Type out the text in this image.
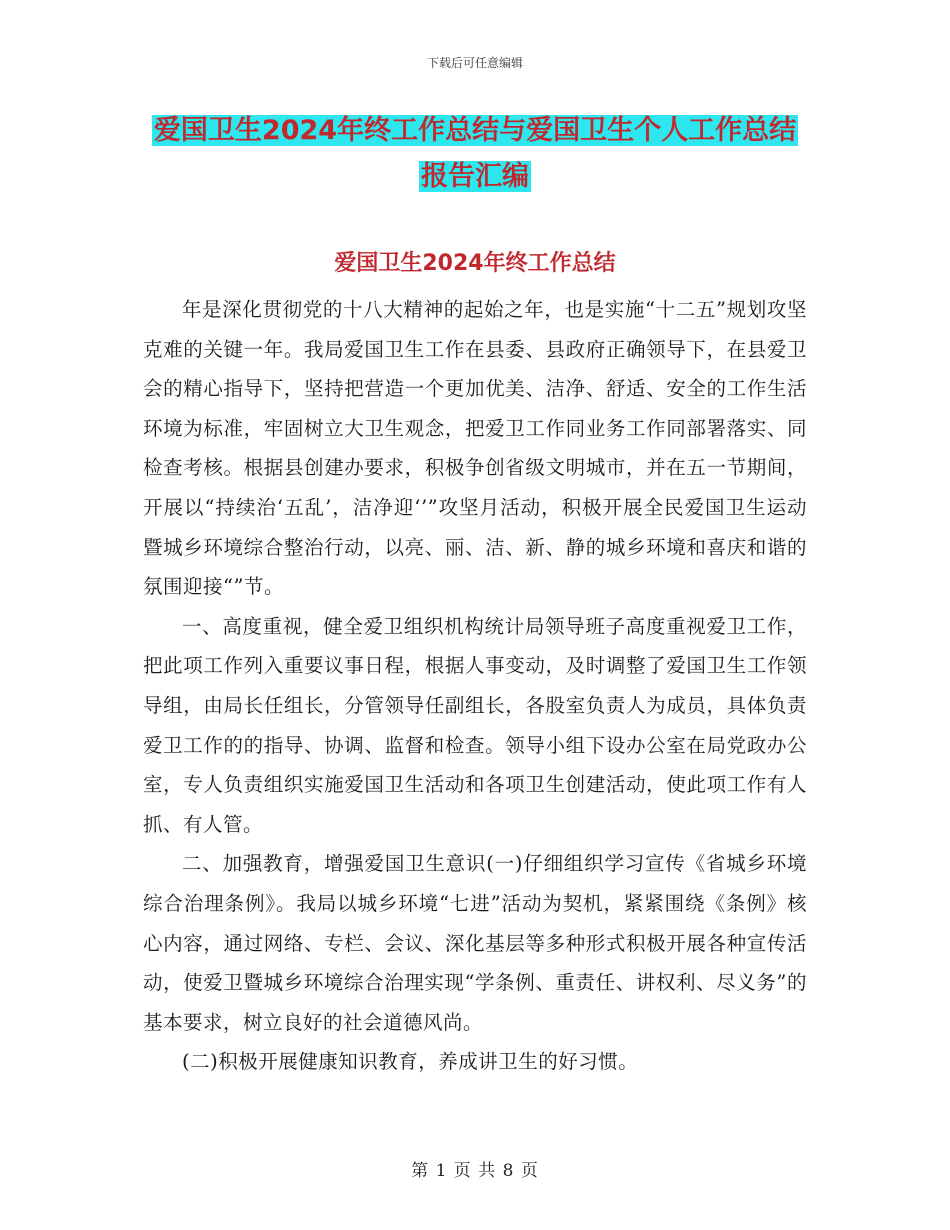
下载后可任意编辑
爱国卫生2024年终工作总结与爱国卫生个人工作总结
报告汇编
爱国卫生2024年终工作总结

年是深化贯彻党的十八大精神的起始之年，也是实施“十二五”规划攻坚克难的关键一年。我局爱国卫生工作在县委、县政府正确领导下，在县爱卫会的精心指导下，坚持把营造一个更加优美、洁净、舒适、安全的工作生活环境为标准，牢固树立大卫生观念，把爱卫工作同业务工作同部署落实、同检查考核。根据县创建办要求，积极争创省级文明城市，并在五一节期间，开展以“持续治‘五乱’，洁净迎‘’”攻坚月活动，积极开展全民爱国卫生运动暨城乡环境综合整治行动，以亮、丽、洁、新、静的城乡环境和喜庆和谐的氛围迎接“”节。

一、高度重视，健全爱卫组织机构统计局领导班子高度重视爱卫工作，把此项工作列入重要议事日程，根据人事变动，及时调整了爱国卫生工作领导组，由局长任组长，分管领导任副组长，各股室负责人为成员，具体负责爱卫工作的的指导、协调、监督和检查。领导小组下设办公室在局党政办公室，专人负责组织实施爱国卫生活动和各项卫生创建活动，使此项工作有人抓、有人管。

二、加强教育，增强爱国卫生意识(一)仔细组织学习宣传《省城乡环境综合治理条例》。我局以城乡环境“七进”活动为契机，紧紧围绕《条例》核心内容，通过网络、专栏、会议、深化基层等多种形式积极开展各种宣传活动，使爱卫暨城乡环境综合治理实现“学条例、重责任、讲权利、尽义务”的基本要求，树立良好的社会道德风尚。

(二)积极开展健康知识教育，养成讲卫生的好习惯。

第 1 页 共 8 页
